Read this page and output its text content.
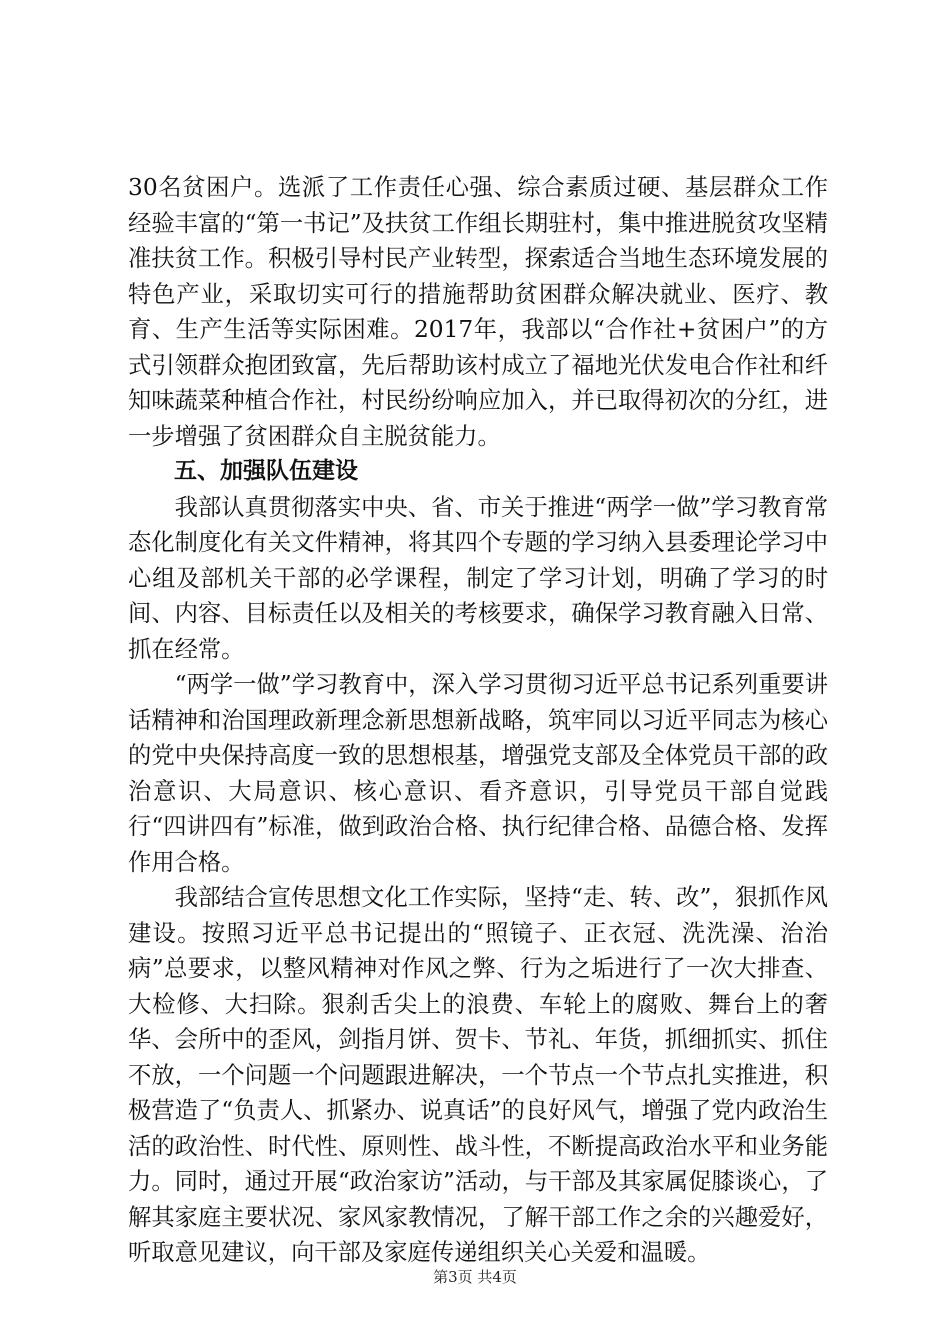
30名贫困户。选派了工作责任心强、综合素质过硬、基层群众工作经验丰富的“第一书记”及扶贫工作组长期驻村，集中推进脱贫攻坚精准扶贫工作。积极引导村民产业转型，探索适合当地生态环境发展的特色产业，采取切实可行的措施帮助贫困群众解决就业、医疗、教育、生产生活等实际困难。2017年，我部以“合作社+贫困户”的方式引领群众抱团致富，先后帮助该村成立了福地光伏发电合作社和纤知味蔬菜种植合作社，村民纷纷响应加入，并已取得初次的分红，进一步增强了贫困群众自主脱贫能力。

五、加强队伍建设

我部认真贯彻落实中央、省、市关于推进“两学一做”学习教育常态化制度化有关文件精神，将其四个专题的学习纳入县委理论学习中心组及部机关干部的必学课程，制定了学习计划，明确了学习的时间、内容、目标责任以及相关的考核要求，确保学习教育融入日常、抓在经常。

“两学一做”学习教育中，深入学习贯彻习近平总书记系列重要讲话精神和治国理政新理念新思想新战略，筑牢同以习近平同志为核心的党中央保持高度一致的思想根基，增强党支部及全体党员干部的政治意识、大局意识、核心意识、看齐意识，引导党员干部自觉践行“四讲四有”标准，做到政治合格、执行纪律合格、品德合格、发挥作用合格。

我部结合宣传思想文化工作实际，坚持“走、转、改”，狠抓作风建设。按照习近平总书记提出的“照镜子、正衣冠、洗洗澡、治治病”总要求，以整风精神对作风之弊、行为之垢进行了一次大排查、大检修、大扫除。狠刹舌尖上的浪费、车轮上的腐败、舞台上的奢华、会所中的歪风，剑指月饼、贺卡、节礼、年货，抓细抓实、抓住不放，一个问题一个问题跟进解决，一个节点一个节点扎实推进，积极营造了“负责人、抓紧办、说真话”的良好风气，增强了党内政治生活的政治性、时代性、原则性、战斗性，不断提高政治水平和业务能力。同时，通过开展“政治家访”活动，与干部及其家属促膝谈心，了解其家庭主要状况、家风家教情况，了解干部工作之余的兴趣爱好，听取意见建议，向干部及家庭传递组织关心关爱和温暖。

第3页 共4页
